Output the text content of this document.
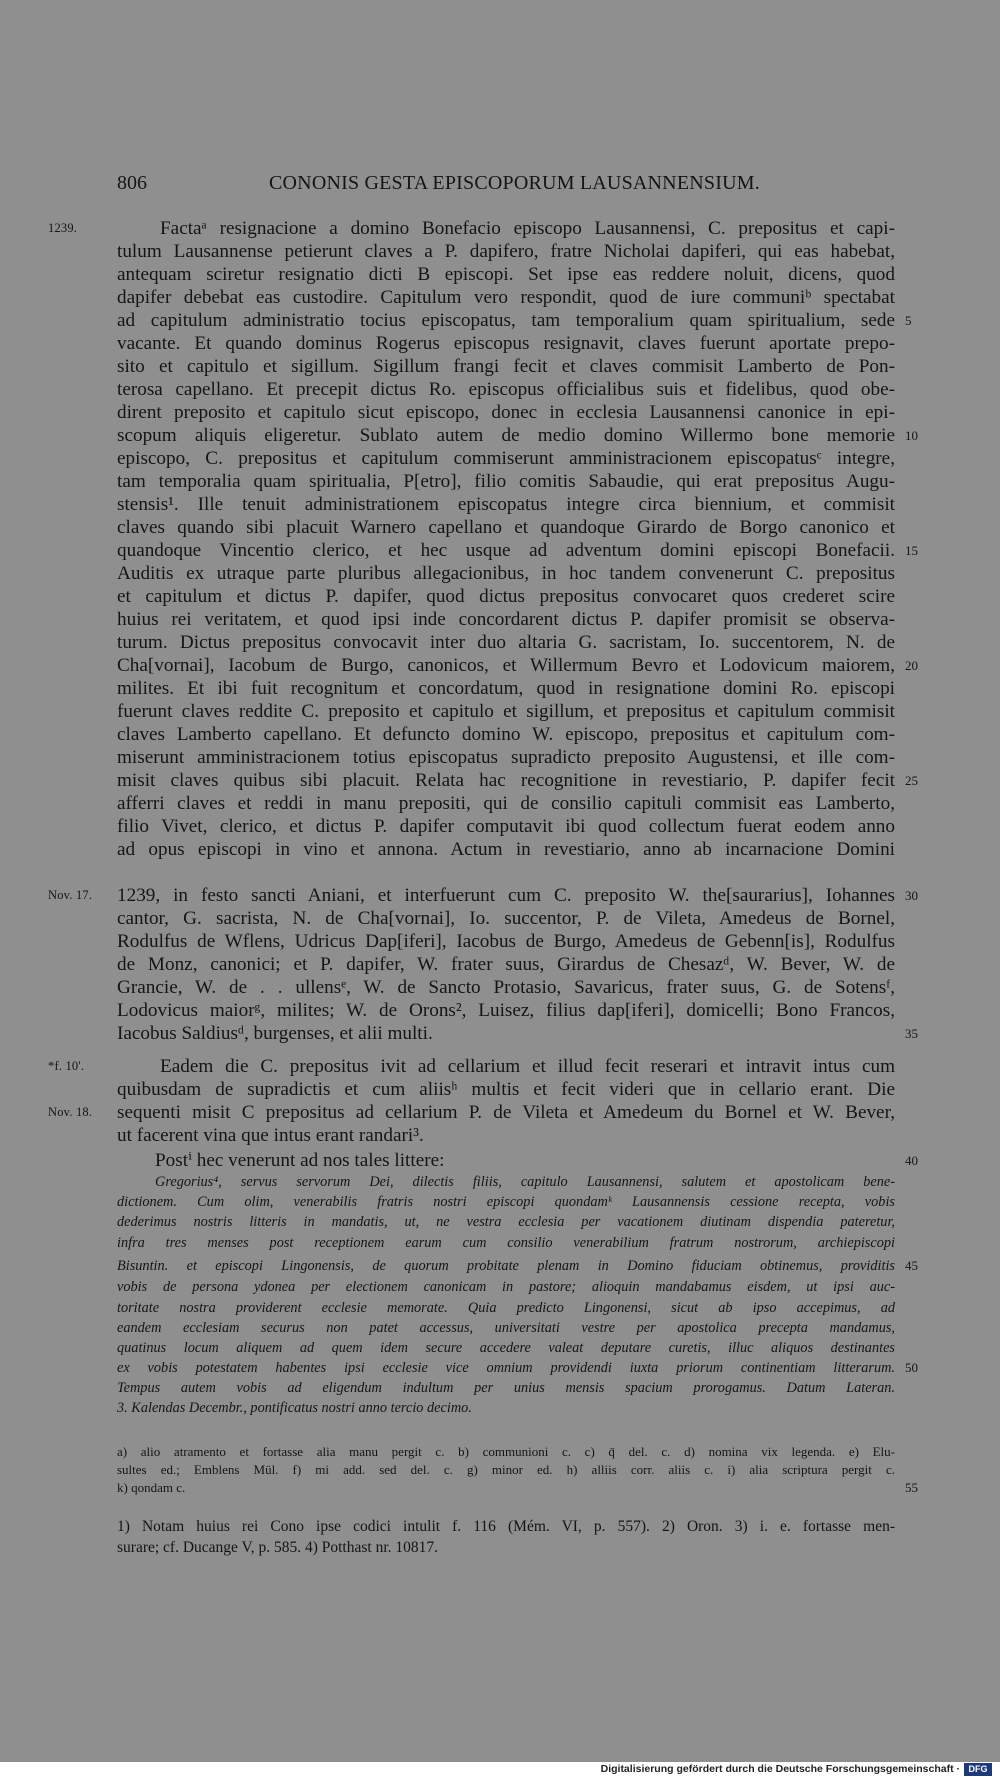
806	CONONIS GESTA EPISCOPORUM LAUSANNENSIUM.
1239.
Nov. 17.
*f. 10'.
Nov. 18.
Factaᵃ resignacione a domino Bonefacio episcopo Lausannensi, C. prepositus et capi-
tulum Lausannense petierunt claves a P. dapifero, fratre Nicholai dapiferi, qui eas habebat,
antequam sciretur resignatio dicti B episcopi. Set ipse eas reddere noluit, dicens, quod
dapifer debebat eas custodire. Capitulum vero respondit, quod de iure communiᵇ spectabat
ad capitulum administratio tocius episcopatus, tam temporalium quam spiritualium, sede
vacante. Et quando dominus Rogerus episcopus resignavit, claves fuerunt aportate prepo-
sito et capitulo et sigillum. Sigillum frangi fecit et claves commisit Lamberto de Pon-
terosa capellano. Et precepit dictus Ro. episcopus officialibus suis et fidelibus, quod obe-
dirent preposito et capitulo sicut episcopo, donec in ecclesia Lausannensi canonice in epi-
scopum aliquis eligeretur. Sublato autem de medio domino Willermo bone memorie
episcopo, C. prepositus et capitulum commiserunt amministracionem episcopatusᶜ integre,
tam temporalia quam spiritualia, P[etro], filio comitis Sabaudie, qui erat prepositus Augu-
stensis¹. Ille tenuit administrationem episcopatus integre circa biennium, et commisit
claves quando sibi placuit Warnero capellano et quandoque Girardo de Borgo canonico et
quandoque Vincentio clerico, et hec usque ad adventum domini episcopi Bonefacii.
Auditis ex utraque parte pluribus allegacionibus, in hoc tandem convenerunt C. prepositus
et capitulum et dictus P. dapifer, quod dictus prepositus convocaret quos crederet scire
huius rei veritatem, et quod ipsi inde concordarent dictus P. dapifer promisit se observa-
turum. Dictus prepositus convocavit inter duo altaria G. sacristam, Io. succentorem, N. de
Cha[vornai], Iacobum de Burgo, canonicos, et Willermum Bevro et Lodovicum maiorem,
milites. Et ibi fuit recognitum et concordatum, quod in resignatione domini Ro. episcopi
fuerunt claves reddite C. preposito et capitulo et sigillum, et prepositus et capitulum commisit
claves Lamberto capellano. Et defuncto domino W. episcopo, prepositus et capitulum com-
miserunt amministracionem totius episcopatus supradicto preposito Augustensi, et ille com-
misit claves quibus sibi placuit. Relata hac recognitione in revestiario, P. dapifer fecit
afferri claves et reddi in manu prepositi, qui de consilio capituli commisit eas Lamberto,
filio Vivet, clerico, et dictus P. dapifer computavit ibi quod collectum fuerat eodem anno
ad opus episcopi in vino et annona. Actum in revestiario, anno ab incarnacione Domini
1239, in festo sancti Aniani, et interfuerunt cum C. preposito W. the[saurarius], Iohannes
cantor, G. sacrista, N. de Cha[vornai], Io. succentor, P. de Vileta, Amedeus de Bornel,
Rodulfus de Wflens, Udricus Dap[iferi], Iacobus de Burgo, Amedeus de Gebenn[is], Rodulfus
de Monz, canonici; et P. dapifer, W. frater suus, Girardus de Chesazᵈ, W. Bever, W. de
Grancie, W. de . . ullensᵉ, W. de Sancto Protasio, Savaricus, frater suus, G. de Sotensᶠ,
Lodovicus maiorᵍ, milites; W. de Orons², Luisez, filius dap[iferi], domicelli; Bono Francos,
Iacobus Saldiusᵈ, burgenses, et alii multi.
Eadem die C. prepositus ivit ad cellarium et illud fecit reserari et intravit intus cum
quibusdam de supradictis et cum aliisʰ multis et fecit videri que in cellario erant. Die
sequenti misit C prepositus ad cellarium P. de Vileta et Amedeum du Bornel et W. Bever,
ut facerent vina que intus erant randari³.
Postⁱ hec venerunt ad nos tales littere:
5
10
15
20
25
30
35
40
45
50
55
Gregorius⁴, servus servorum Dei, dilectis filiis, capitulo Lausannensi, salutem et apostolicam bene-
dictionem. Cum olim, venerabilis fratris nostri episcopi quondamᵏ Lausannensis cessione recepta, vobis
dederimus nostris litteris in mandatis, ut, ne vestra ecclesia per vacationem diutinam dispendia pateretur,
infra tres menses post receptionem earum cum consilio venerabilium fratrum nostrorum, archiepiscopi
Bisuntin. et episcopi Lingonensis, de quorum probitate plenam in Domino fiduciam obtinemus, providitis
vobis de persona ydonea per electionem canonicam in pastore; alioquin mandabamus eisdem, ut ipsi auc-
toritate nostra providerent ecclesie memorate. Quia predicto Lingonensi, sicut ab ipso accepimus, ad
eandem ecclesiam securus non patet accessus, universitati vestre per apostolica precepta mandamus,
quatinus locum aliquem ad quem idem secure accedere valeat deputare curetis, illuc aliquos destinantes
ex vobis potestatem habentes ipsi ecclesie vice omnium providendi iuxta priorum continentiam litterarum.
Tempus autem vobis ad eligendum indultum per unius mensis spacium prorogamus. Datum Lateran.
3. Kalendas Decembr., pontificatus nostri anno tercio decimo.
a) alio atramento et fortasse alia manu pergit c. b) communioni c. c) q̄ del. c. d) nomina vix legenda. e) Elu-
sultes ed.; Emblens Mül. f) mi add. sed del. c. g) minor ed. h) alliis corr. aliis c. i) alia scriptura pergit c.
k) qondam c.
1) Notam huius rei Cono ipse codici intulit f. 116 (Mém. VI, p. 557). 2) Oron. 3) i. e. fortasse men-
surare; cf. Ducange V, p. 585. 4) Potthast nr. 10817.
Digitalisierung gefördert durch die Deutsche Forschungsgemeinschaft · DFG
